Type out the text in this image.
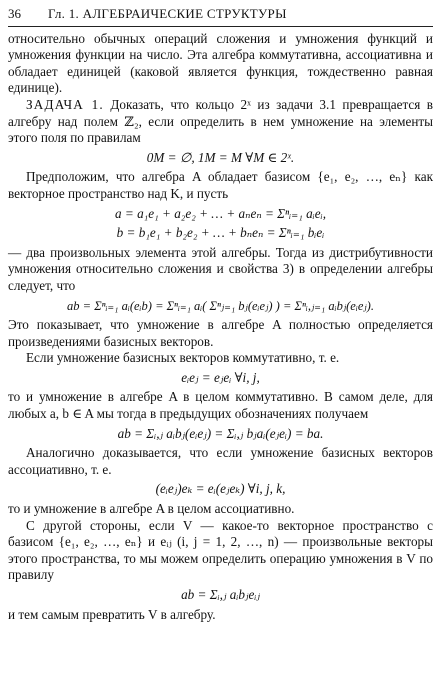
36	Гл. 1. АЛГЕБРАИЧЕСКИЕ СТРУКТУРЫ

относительно обычных операций сложения и умножения функций и умножения функции на число. Эта алгебра коммутативна, ассоциативна и обладает единицей (каковой является функция, тождественно равная единице).

ЗАДАЧА 1. Доказать, что кольцо 2ˣ из задачи 3.1 превращается в алгебру над полем ℤ₂, если определить в нем умножение на элементы этого поля по правилам

0M = ∅, 1M = M ∀M ∈ 2ˣ.

Предположим, что алгебра A обладает базисом {e₁, e₂, …, eₙ} как векторное пространство над K, и пусть

a = a₁e₁ + a₂e₂ + … + aₙeₙ = Σⁿᵢ₌₁ aᵢeᵢ,
b = b₁e₁ + b₂e₂ + … + bₙeₙ = Σⁿᵢ₌₁ bᵢeᵢ

— два произвольных элемента этой алгебры. Тогда из дистрибутивности умножения относительно сложения и свойства 3) в определении алгебры следует, что

ab = Σⁿᵢ₌₁ aᵢ(eᵢb) = Σⁿᵢ₌₁ aᵢ( Σⁿⱼ₌₁ bⱼ(eᵢeⱼ) ) = Σⁿᵢ,ⱼ₌₁ aᵢbⱼ(eᵢeⱼ).

Это показывает, что умножение в алгебре A полностью определяется произведениями базисных векторов.

Если умножение базисных векторов коммутативно, т. е.

eᵢeⱼ = eⱼeᵢ ∀i, j,

то и умножение в алгебре A в целом коммутативно. В самом деле, для любых a, b ∈ A мы тогда в предыдущих обозначениях получаем

ab = Σᵢ,ⱼ aᵢbⱼ(eᵢeⱼ) = Σᵢ,ⱼ bⱼaᵢ(eⱼeᵢ) = ba.

Аналогично доказывается, что если умножение базисных векторов ассоциативно, т. е.

(eᵢeⱼ)eₖ = eᵢ(eⱼeₖ) ∀i, j, k,

то и умножение в алгебре A в целом ассоциативно.

С другой стороны, если V — какое-то векторное пространство с базисом {e₁, e₂, …, eₙ} и eᵢⱼ (i, j = 1, 2, …, n) — произвольные векторы этого пространства, то мы можем определить операцию умножения в V по правилу

ab = Σᵢ,ⱼ aᵢbⱼeᵢⱼ

и тем самым превратить V в алгебру.
